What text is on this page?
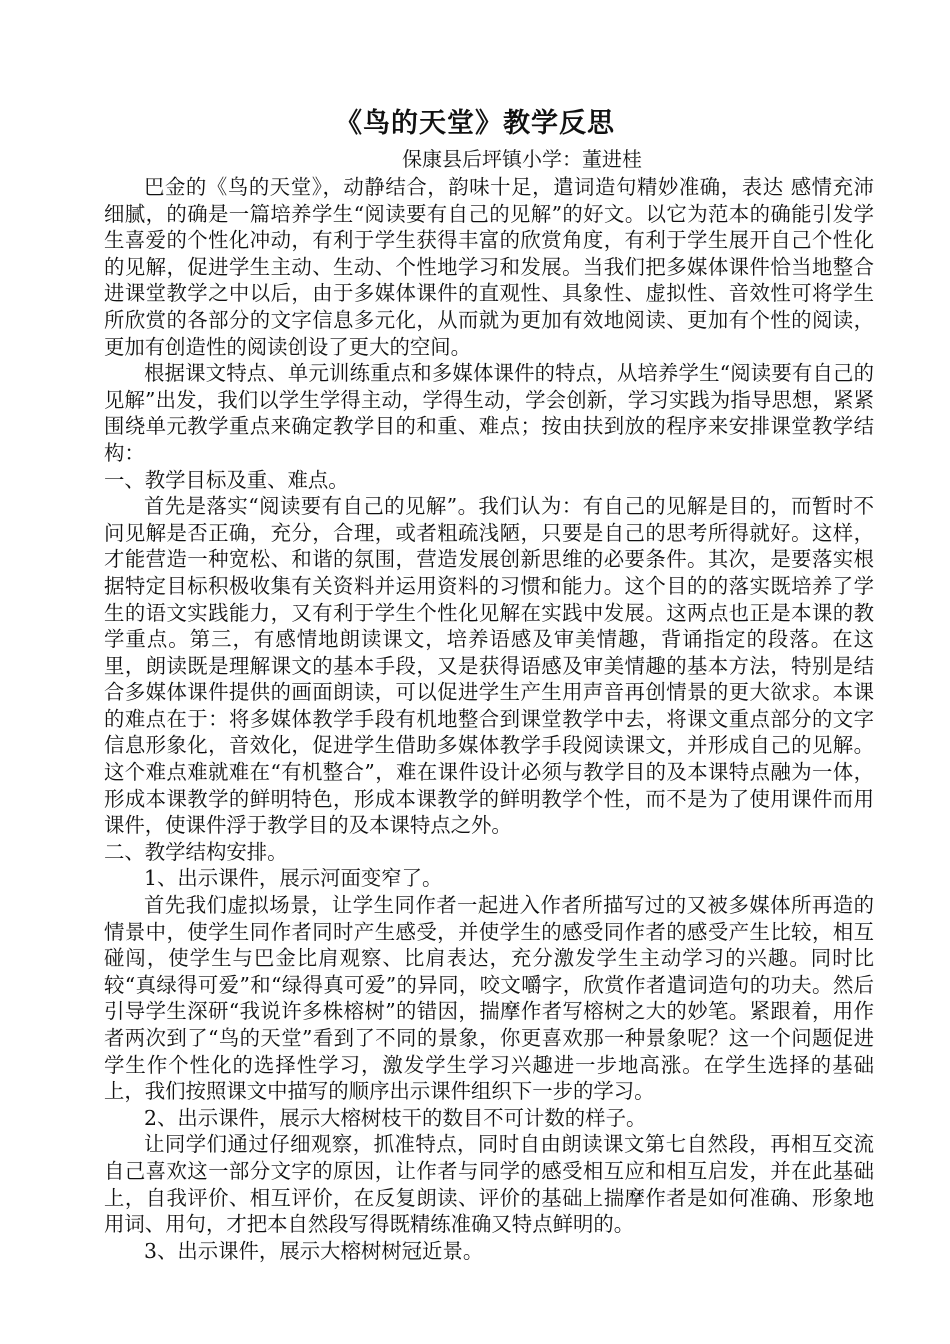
《鸟的天堂》教学反思
保康县后坪镇小学：董进桂

巴金的《鸟的天堂》，动静结合，韵味十足，遣词造句精妙准确，表达 感情充沛细腻，的确是一篇培养学生“阅读要有自己的见解”的好文。以它为范本的确能引发学生喜爱的个性化冲动，有利于学生获得丰富的欣赏角度，有利于学生展开自己个性化的见解，促进学生主动、生动、个性地学习和发展。当我们把多媒体课件恰当地整合进课堂教学之中以后，由于多媒体课件的直观性、具象性、虚拟性、音效性可将学生所欣赏的各部分的文字信息多元化，从而就为更加有效地阅读、更加有个性的阅读，更加有创造性的阅读创设了更大的空间。

根据课文特点、单元训练重点和多媒体课件的特点，从培养学生“阅读要有自己的见解”出发，我们以学生学得主动，学得生动，学会创新，学习实践为指导思想，紧紧围绕单元教学重点来确定教学目的和重、难点；按由扶到放的程序来安排课堂教学结构：

一、教学目标及重、难点。

首先是落实“阅读要有自己的见解”。我们认为：有自己的见解是目的，而暂时不问见解是否正确，充分，合理，或者粗疏浅陋，只要是自己的思考所得就好。这样，才能营造一种宽松、和谐的氛围，营造发展创新思维的必要条件。其次，是要落实根据特定目标积极收集有关资料并运用资料的习惯和能力。这个目的的落实既培养了学生的语文实践能力，又有利于学生个性化见解在实践中发展。这两点也正是本课的教学重点。第三，有感情地朗读课文，培养语感及审美情趣，背诵指定的段落。在这里，朗读既是理解课文的基本手段，又是获得语感及审美情趣的基本方法，特别是结合多媒体课件提供的画面朗读，可以促进学生产生用声音再创情景的更大欲求。本课的难点在于：将多媒体教学手段有机地整合到课堂教学中去，将课文重点部分的文字信息形象化，音效化，促进学生借助多媒体教学手段阅读课文，并形成自己的见解。这个难点难就难在“有机整合”，难在课件设计必须与教学目的及本课特点融为一体，形成本课教学的鲜明特色，形成本课教学的鲜明教学个性，而不是为了使用课件而用课件，使课件浮于教学目的及本课特点之外。

二、教学结构安排。

1、出示课件，展示河面变窄了。

首先我们虚拟场景，让学生同作者一起进入作者所描写过的又被多媒体所再造的情景中，使学生同作者同时产生感受，并使学生的感受同作者的感受产生比较，相互碰闯，使学生与巴金比肩观察、比肩表达，充分激发学生主动学习的兴趣。同时比较“真绿得可爱”和“绿得真可爱”的异同，咬文嚼字，欣赏作者遣词造句的功夫。然后引导学生深研“我说许多株榕树”的错因，揣摩作者写榕树之大的妙笔。紧跟着，用作者两次到了“鸟的天堂”看到了不同的景象，你更喜欢那一种景象呢？这一个问题促进学生作个性化的选择性学习，激发学生学习兴趣进一步地高涨。在学生选择的基础上，我们按照课文中描写的顺序出示课件组织下一步的学习。

2、出示课件，展示大榕树枝干的数目不可计数的样子。

让同学们通过仔细观察，抓准特点，同时自由朗读课文第七自然段，再相互交流自己喜欢这一部分文字的原因，让作者与同学的感受相互应和相互启发，并在此基础上，自我评价、相互评价，在反复朗读、评价的基础上揣摩作者是如何准确、形象地用词、用句，才把本自然段写得既精练准确又特点鲜明的。

3、出示课件，展示大榕树树冠近景。
